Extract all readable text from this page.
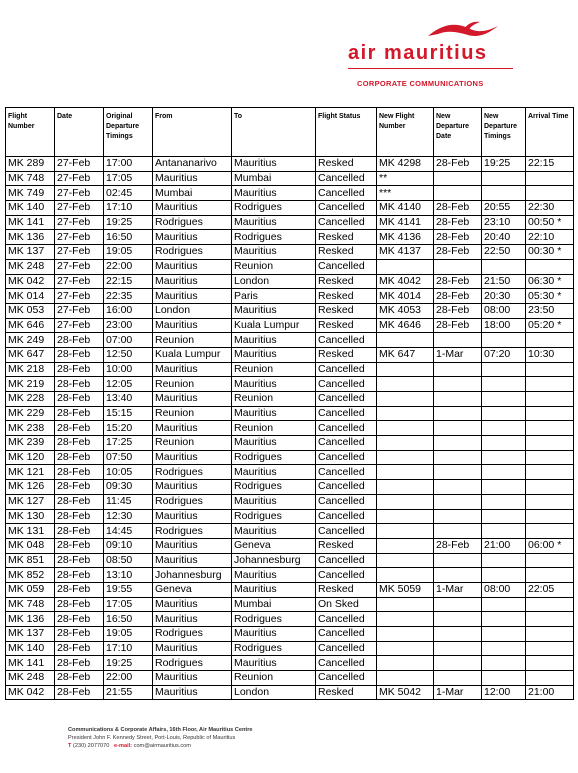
air mauritius
CORPORATE COMMUNICATIONS
Flight Number	Date	Original Departure Timings	From	To	Flight Status	New Flight Number	New Departure Date	New Departure Timings	Arrival Time
MK 289	27-Feb	17:00	Antananarivo	Mauritius	Resked	MK 4298	28-Feb	19:25	22:15
MK 748	27-Feb	17:05	Mauritius	Mumbai	Cancelled	**			
MK 749	27-Feb	02:45	Mumbai	Mauritius	Cancelled	***			
MK 140	27-Feb	17:10	Mauritius	Rodrigues	Cancelled	MK 4140	28-Feb	20:55	22:30
MK 141	27-Feb	19:25	Rodrigues	Mauritius	Cancelled	MK 4141	28-Feb	23:10	00:50 *
MK 136	27-Feb	16:50	Mauritius	Rodrigues	Resked	MK 4136	28-Feb	20:40	22:10
MK 137	27-Feb	19:05	Rodrigues	Mauritius	Resked	MK 4137	28-Feb	22:50	00:30 *
MK 248	27-Feb	22:00	Mauritius	Reunion	Cancelled				
MK 042	27-Feb	22:15	Mauritius	London	Resked	MK 4042	28-Feb	21:50	06:30 *
MK 014	27-Feb	22:35	Mauritius	Paris	Resked	MK 4014	28-Feb	20:30	05:30 *
MK 053	27-Feb	16:00	London	Mauritius	Resked	MK 4053	28-Feb	08:00	23:50
MK 646	27-Feb	23:00	Mauritius	Kuala Lumpur	Resked	MK 4646	28-Feb	18:00	05:20 *
MK 249	28-Feb	07:00	Reunion	Mauritius	Cancelled				
MK 647	28-Feb	12:50	Kuala Lumpur	Mauritius	Resked	MK 647	1-Mar	07:20	10:30
MK 218	28-Feb	10:00	Mauritius	Reunion	Cancelled				
MK 219	28-Feb	12:05	Reunion	Mauritius	Cancelled				
MK 228	28-Feb	13:40	Mauritius	Reunion	Cancelled				
MK 229	28-Feb	15:15	Reunion	Mauritius	Cancelled				
MK 238	28-Feb	15:20	Mauritius	Reunion	Cancelled				
MK 239	28-Feb	17:25	Reunion	Mauritius	Cancelled				
MK 120	28-Feb	07:50	Mauritius	Rodrigues	Cancelled				
MK 121	28-Feb	10:05	Rodrigues	Mauritius	Cancelled				
MK 126	28-Feb	09:30	Mauritius	Rodrigues	Cancelled				
MK 127	28-Feb	11:45	Rodrigues	Mauritius	Cancelled				
MK 130	28-Feb	12:30	Mauritius	Rodrigues	Cancelled				
MK 131	28-Feb	14:45	Rodrigues	Mauritius	Cancelled				
MK 048	28-Feb	09:10	Mauritius	Geneva	Resked		28-Feb	21:00	06:00 *
MK 851	28-Feb	08:50	Mauritius	Johannesburg	Cancelled				
MK 852	28-Feb	13:10	Johannesburg	Mauritius	Cancelled				
MK 059	28-Feb	19:55	Geneva	Mauritius	Resked	MK 5059	1-Mar	08:00	22:05
MK 748	28-Feb	17:05	Mauritius	Mumbai	On Sked				
MK 136	28-Feb	16:50	Mauritius	Rodrigues	Cancelled				
MK 137	28-Feb	19:05	Rodrigues	Mauritius	Cancelled				
MK 140	28-Feb	17:10	Mauritius	Rodrigues	Cancelled				
MK 141	28-Feb	19:25	Rodrigues	Mauritius	Cancelled				
MK 248	28-Feb	22:00	Mauritius	Reunion	Cancelled				
MK 042	28-Feb	21:55	Mauritius	London	Resked	MK 5042	1-Mar	12:00	21:00
Communications & Corporate Affairs, 16th Floor, Air Mauritius Centre
President John F. Kennedy Street, Port-Louis, Republic of Mauritius
T (230) 2077070 e-mail: com@airmauritius.com
